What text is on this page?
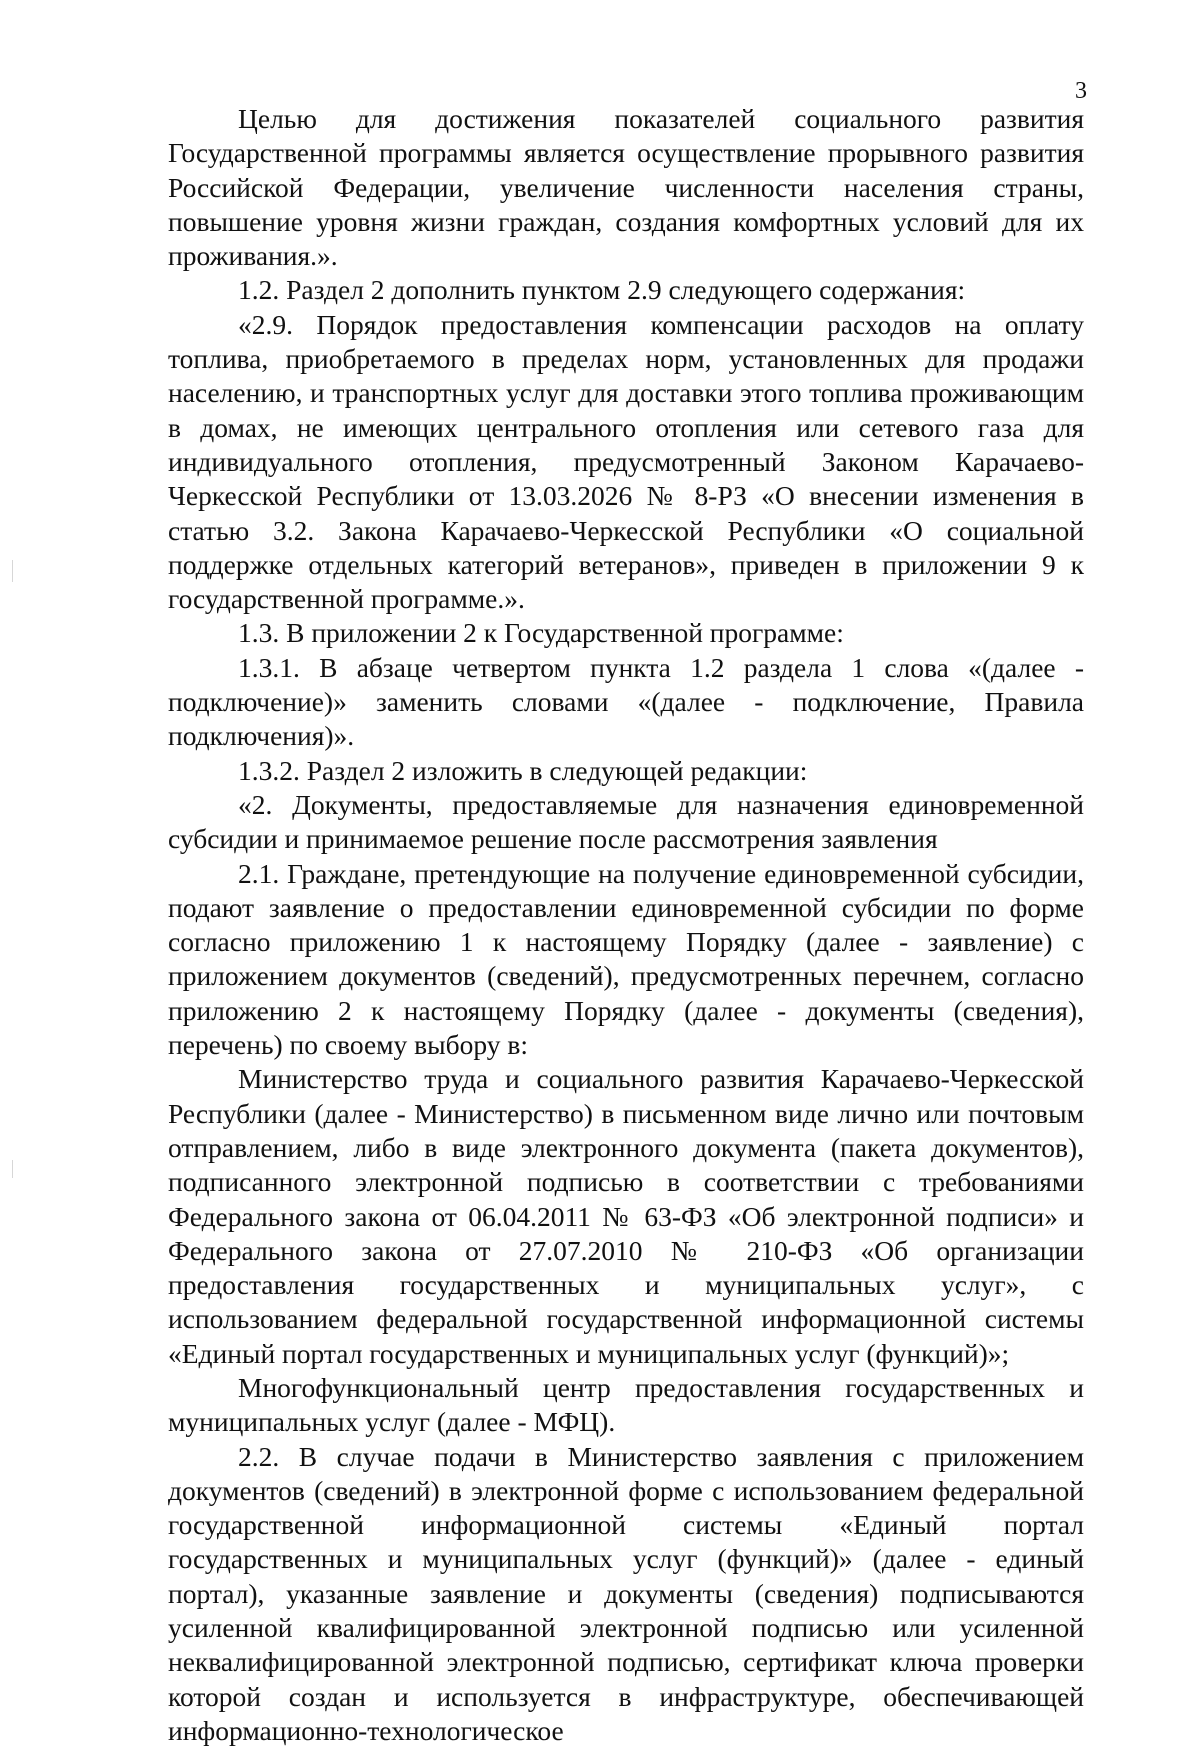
3

Целью для достижения показателей социального развития Государственной программы является осуществление прорывного развития Российской Федерации, увеличение численности населения страны, повышение уровня жизни граждан, создания комфортных условий для их проживания.».

1.2. Раздел 2 дополнить пунктом 2.9 следующего содержания:

«2.9. Порядок предоставления компенсации расходов на оплату топлива, приобретаемого в пределах норм, установленных для продажи населению, и транспортных услуг для доставки этого топлива проживающим в домах, не имеющих центрального отопления или сетевого газа для индивидуального отопления, предусмотренный Законом Карачаево-Черкесской Республики от 13.03.2026 № 8-РЗ «О внесении изменения в статью 3.2. Закона Карачаево-Черкесской Республики «О социальной поддержке отдельных категорий ветеранов», приведен в приложении 9 к государственной программе.».

1.3. В приложении 2 к Государственной программе:

1.3.1. В абзаце четвертом пункта 1.2 раздела 1 слова «(далее - подключение)» заменить словами «(далее - подключение, Правила подключения)».

1.3.2. Раздел 2 изложить в следующей редакции:

«2. Документы, предоставляемые для назначения единовременной субсидии и принимаемое решение после рассмотрения заявления

2.1. Граждане, претендующие на получение единовременной субсидии, подают заявление о предоставлении единовременной субсидии по форме согласно приложению 1 к настоящему Порядку (далее - заявление) с приложением документов (сведений), предусмотренных перечнем, согласно приложению 2 к настоящему Порядку (далее - документы (сведения), перечень) по своему выбору в:

Министерство труда и социального развития Карачаево-Черкесской Республики (далее - Министерство) в письменном виде лично или почтовым отправлением, либо в виде электронного документа (пакета документов), подписанного электронной подписью в соответствии с требованиями Федерального закона от 06.04.2011 № 63-ФЗ «Об электронной подписи» и Федерального закона от 27.07.2010 № 210-ФЗ «Об организации предоставления государственных и муниципальных услуг», с использованием федеральной государственной информационной системы «Единый портал государственных и муниципальных услуг (функций)»;

Многофункциональный центр предоставления государственных и муниципальных услуг (далее - МФЦ).

2.2. В случае подачи в Министерство заявления с приложением документов (сведений) в электронной форме с использованием федеральной государственной информационной системы «Единый портал государственных и муниципальных услуг (функций)» (далее - единый портал), указанные заявление и документы (сведения) подписываются усиленной квалифицированной электронной подписью или усиленной неквалифицированной электронной подписью, сертификат ключа проверки которой создан и используется в инфраструктуре, обеспечивающей информационно-технологическое
